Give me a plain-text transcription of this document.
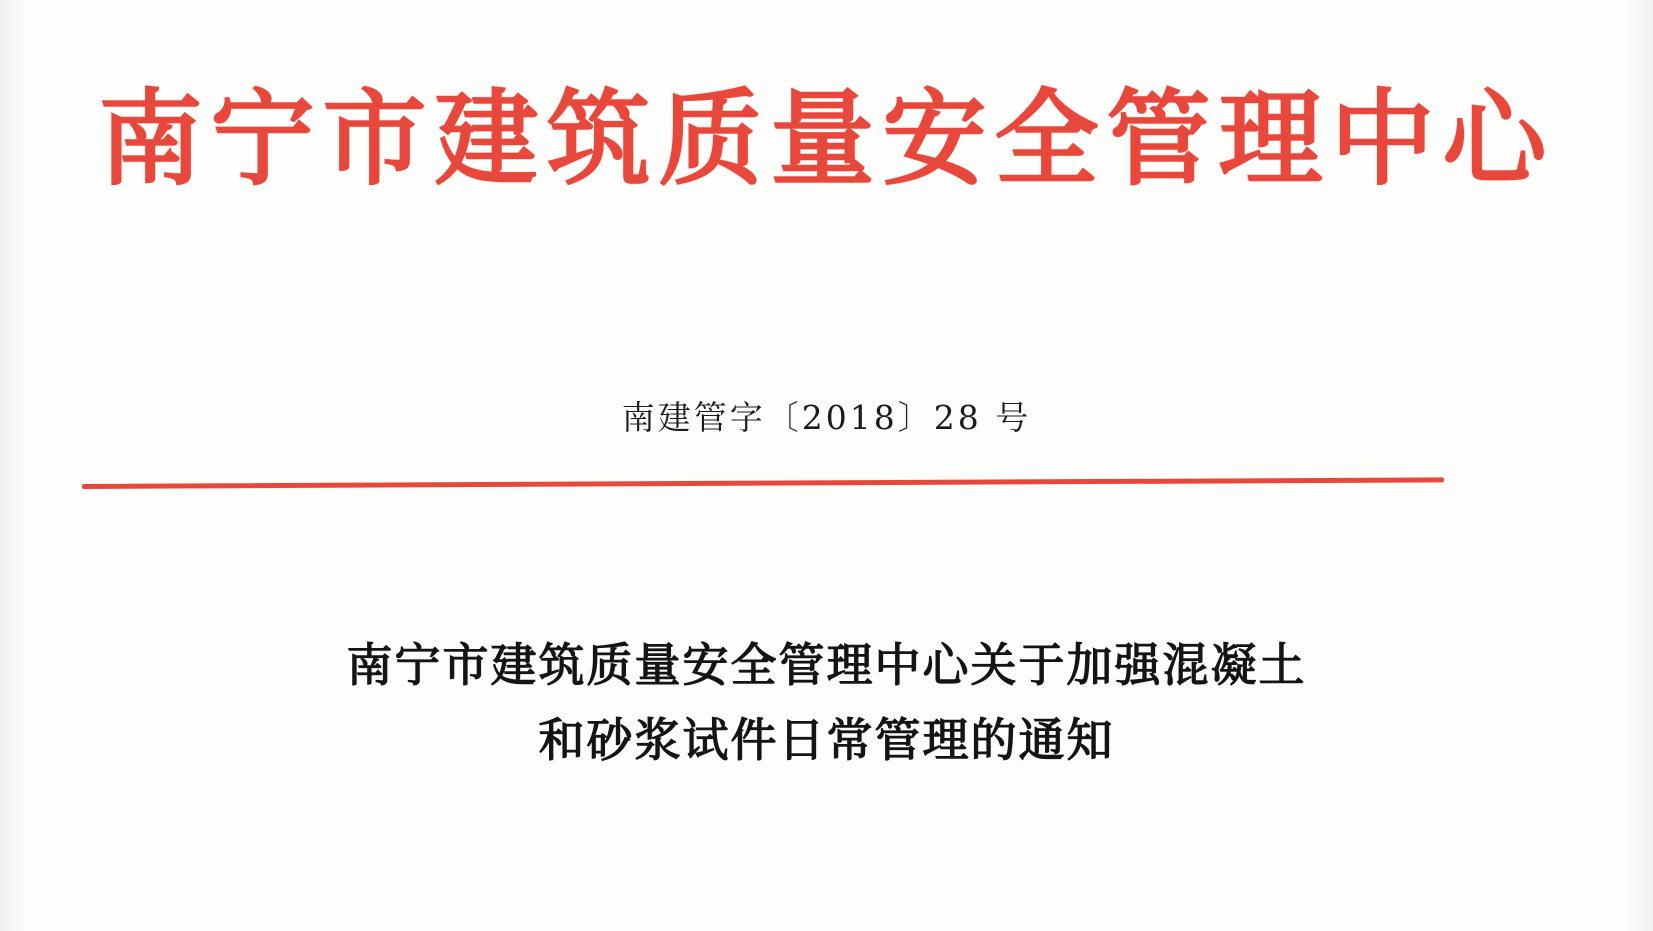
南宁市建筑质量安全管理中心
南建管字〔2018〕28 号
南宁市建筑质量安全管理中心关于加强混凝土
和砂浆试件日常管理的通知
